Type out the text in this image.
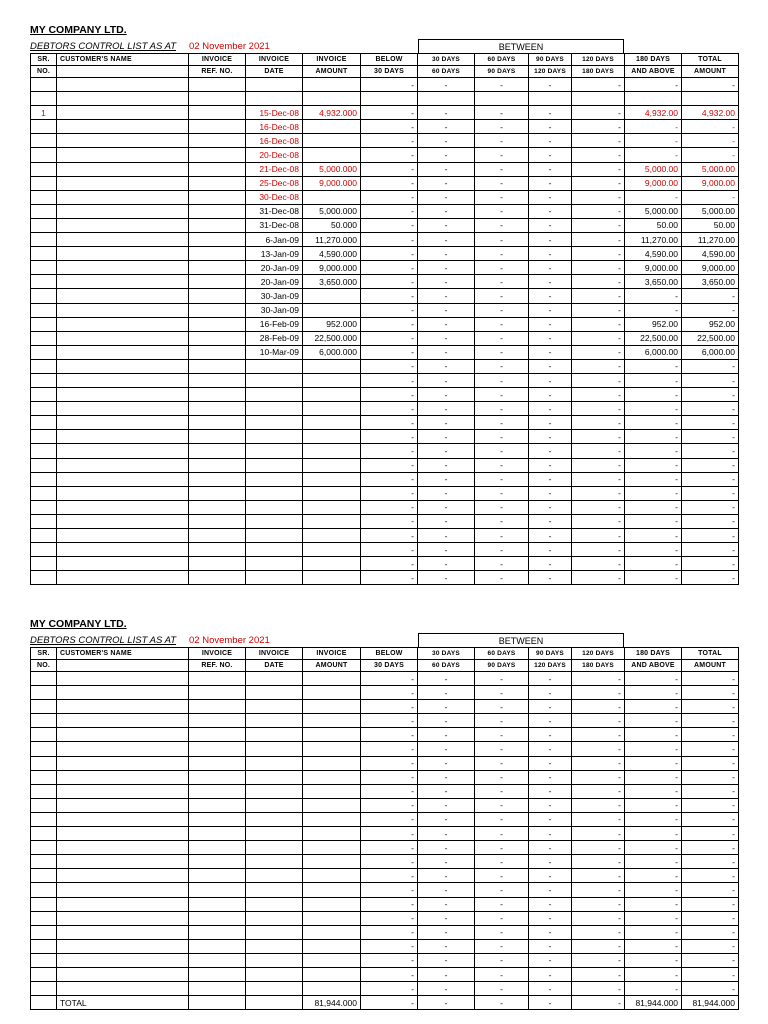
MY COMPANY LTD.
DEBTORS CONTROL LIST AS AT 02 November 2021	BETWEEN
SR.	CUSTOMER'S NAME	INVOICE	INVOICE	INVOICE	BELOW	30 DAYS	60 DAYS	90 DAYS	120 DAYS	180 DAYS	TOTAL
NO.		REF. NO.	DATE	AMOUNT	30 DAYS	60 DAYS	90 DAYS	120 DAYS	180 DAYS	AND ABOVE	AMOUNT
					-	-	-	-	-	-	-

1			15-Dec-08	4,932.000	-	-	-	-	-	4,932.00	4,932.00
			16-Dec-08		-	-	-	-	-	-	-
			16-Dec-08		-	-	-	-	-	-	-
			20-Dec-08		-	-	-	-	-	-	-
			21-Dec-08	5,000.000	-	-	-	-	-	5,000.00	5,000.00
			25-Dec-08	9,000.000	-	-	-	-	-	9,000.00	9,000.00
			30-Dec-08		-	-	-	-	-	-	-
			31-Dec-08	5,000.000	-	-	-	-	-	5,000.00	5,000.00
			31-Dec-08	50.000	-	-	-	-	-	50.00	50.00
			6-Jan-09	11,270.000	-	-	-	-	-	11,270.00	11,270.00
			13-Jan-09	4,590.000	-	-	-	-	-	4,590.00	4,590.00
			20-Jan-09	9,000.000	-	-	-	-	-	9,000.00	9,000.00
			20-Jan-09	3,650.000	-	-	-	-	-	3,650.00	3,650.00
			30-Jan-09		-	-	-	-	-	-	-
			30-Jan-09		-	-	-	-	-	-	-
			16-Feb-09	952.000	-	-	-	-	-	952.00	952.00
			28-Feb-09	22,500.000	-	-	-	-	-	22,500.00	22,500.00
			10-Mar-09	6,000.000	-	-	-	-	-	6,000.00	6,000.00
					-	-	-	-	-	-	-
					-	-	-	-	-	-	-
					-	-	-	-	-	-	-
					-	-	-	-	-	-	-
					-	-	-	-	-	-	-
					-	-	-	-	-	-	-
					-	-	-	-	-	-	-
					-	-	-	-	-	-	-
					-	-	-	-	-	-	-
					-	-	-	-	-	-	-
					-	-	-	-	-	-	-
					-	-	-	-	-	-	-
					-	-	-	-	-	-	-
					-	-	-	-	-	-	-
					-	-	-	-	-	-	-
					-	-	-	-	-	-	-
MY COMPANY LTD.
DEBTORS CONTROL LIST AS AT 02 November 2021	BETWEEN
SR.	CUSTOMER'S NAME	INVOICE	INVOICE	INVOICE	BELOW	30 DAYS	60 DAYS	90 DAYS	120 DAYS	180 DAYS	TOTAL
NO.		REF. NO.	DATE	AMOUNT	30 DAYS	60 DAYS	90 DAYS	120 DAYS	180 DAYS	AND ABOVE	AMOUNT
					-	-	-	-	-	-	-
					-	-	-	-	-	-	-
					-	-	-	-	-	-	-
					-	-	-	-	-	-	-
					-	-	-	-	-	-	-
					-	-	-	-	-	-	-
					-	-	-	-	-	-	-
					-	-	-	-	-	-	-
					-	-	-	-	-	-	-
					-	-	-	-	-	-	-
					-	-	-	-	-	-	-
					-	-	-	-	-	-	-
					-	-	-	-	-	-	-
					-	-	-	-	-	-	-
					-	-	-	-	-	-	-
					-	-	-	-	-	-	-
					-	-	-	-	-	-	-
					-	-	-	-	-	-	-
					-	-	-	-	-	-	-
					-	-	-	-	-	-	-
					-	-	-	-	-	-	-
					-	-	-	-	-	-	-
					-	-	-	-	-	-	-
	TOTAL			81,944.000	-	-	-	-	-	81,944.000	81,944.000
